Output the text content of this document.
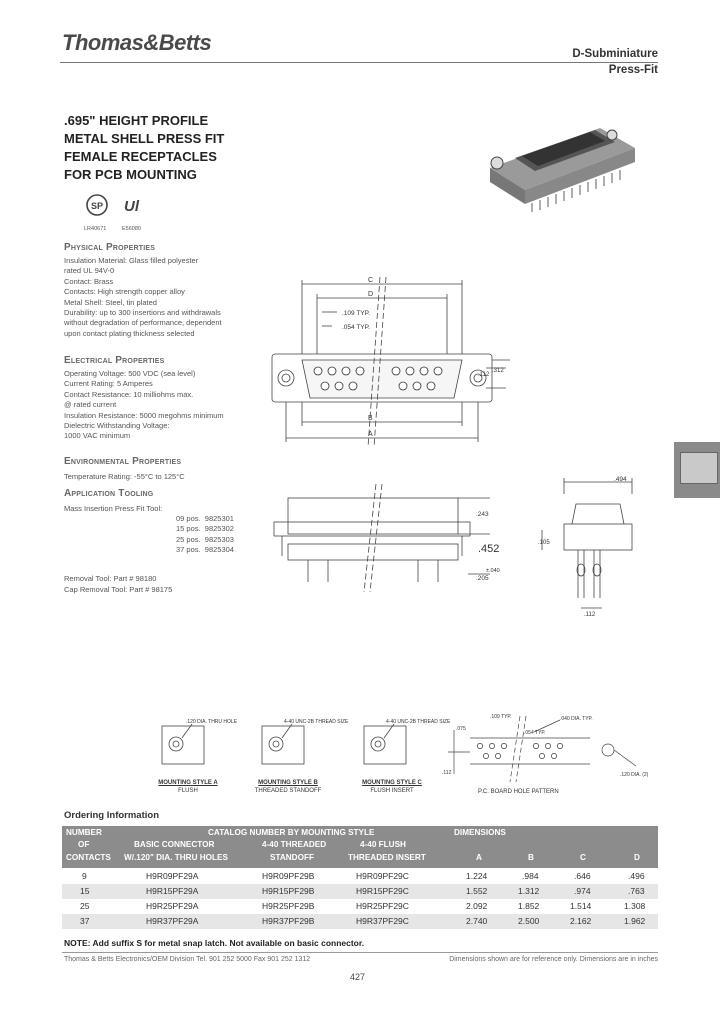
Thomas&Betts	D-Subminiature
Press-Fit
.695" HEIGHT PROFILE
METAL SHELL PRESS FIT
FEMALE RECEPTACLES
FOR PCB MOUNTING
SP Ul
LR40671	E56080
Physical Properties
Insulation Material: Glass filled polyester
rated UL 94V-0
Contact: Brass
Contacts: High strength copper alloy
Metal Shell: Steel, tin plated
Durability: up to 300 insertions and withdrawals
without degradation of performance, dependent
upon contact plating thickness selected
Electrical Properties
Operating Voltage: 500 VDC (sea level)
Current Rating: 5 Amperes
Contact Resistance: 10 milliohms max.
@ rated current
Insulation Resistance: 5000 megohms minimum
Dielectric Withstanding Voltage:
1000 VAC minimum
Environmental Properties
Temperature Rating: -55°C to 125°C
Application Tooling
Mass Insertion Press Fit Tool:
09 pos. 9825301
15 pos. 9825302
25 pos. 9825303
37 pos. 9825304
Removal Tool: Part # 98180
Cap Removal Tool: Part # 98175
C
D
.109 TYP.
.054 TYP.
.112
.312
B
A
.243
.452
.205
±.040
.494
.105
.112
.120 DIA. THRU HOLE
MOUNTING STYLE A
FLUSH
4-40 UNC-2B THREAD SIZE
MOUNTING STYLE B
THREADED STANDOFF
4-40 UNC-2B THREAD SIZE
MOUNTING STYLE C
FLUSH INSERT
.109 TYP.	.040 DIA. TYP.
.054 TYP.
.120 DIA. (2)
.075
.112
P.C. BOARD HOLE PATTERN
Ordering Information
NUMBER
OF
CONTACTS
CATALOG NUMBER BY MOUNTING STYLE	DIMENSIONS
BASIC CONNECTOR
W/.120" DIA. THRU HOLES
4-40 THREADED
STANDOFF
4-40 FLUSH
THREADED INSERT	A	B	C	D
9	H9R09PF29A	H9R09PF29B	H9R09PF29C	1.224	.984	.646	.496
15	H9R15PF29A	H9R15PF29B	H9R15PF29C	1.552	1.312	.974	.763
25	H9R25PF29A	H9R25PF29B	H9R25PF29C	2.092	1.852	1.514	1.308
37	H9R37PF29A	H9R37PF29B	H9R37PF29C	2.740	2.500	2.162	1.962
NOTE: Add suffix S for metal snap latch. Not available on basic connector.
Thomas & Betts Electronics/OEM Division Tel. 901 252 5000 Fax 901 252 1312	Dimensions shown are for reference only. Dimensions are in inches
427
